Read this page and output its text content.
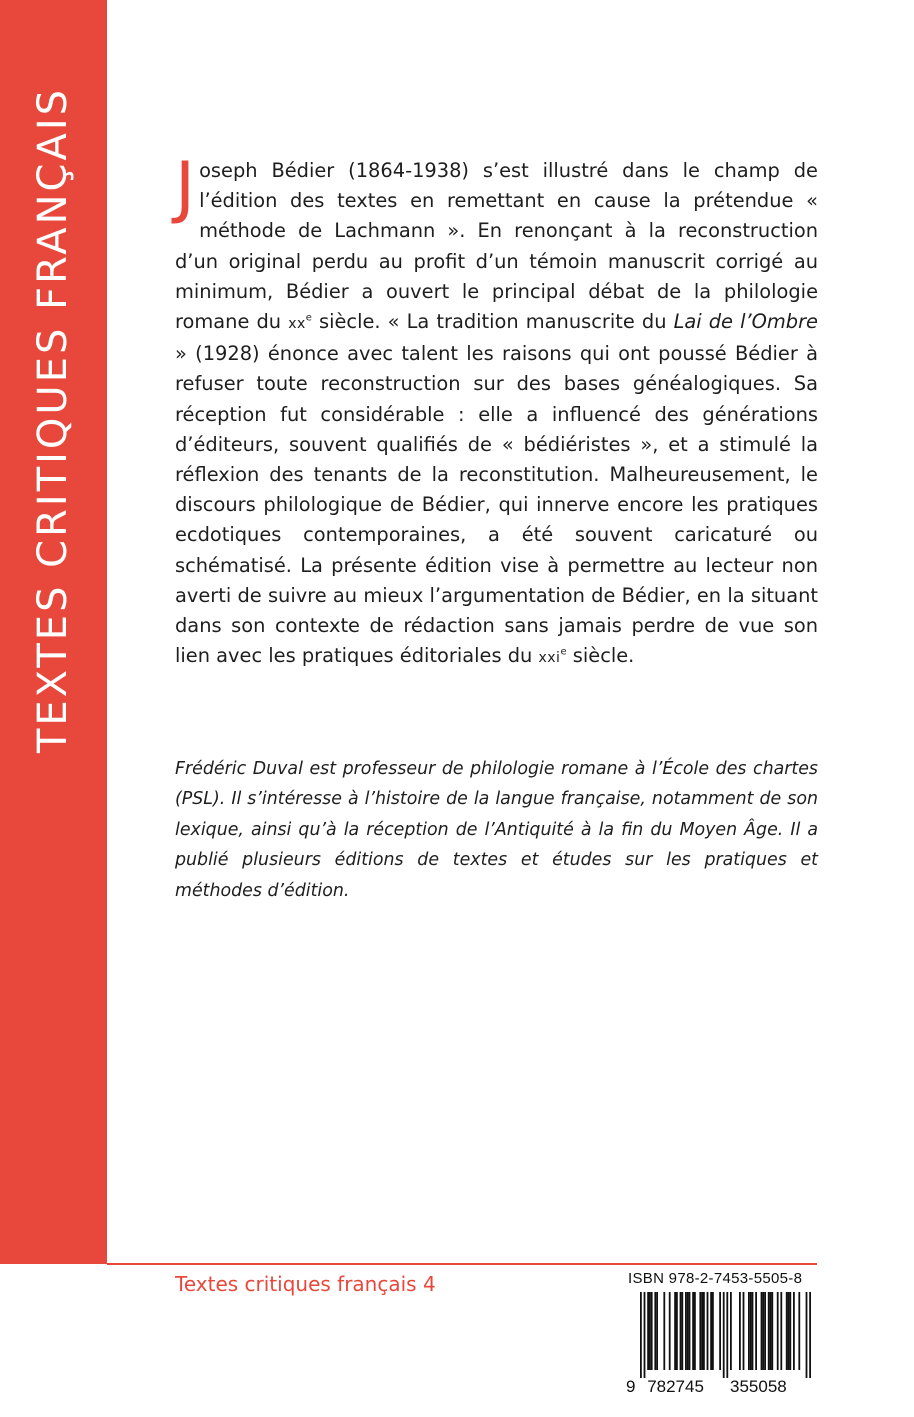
TEXTES CRITIQUES FRANÇAIS Joseph Bédier (1864-1938) s’est illustré dans le champ de l’édition des textes en remettant en cause la prétendue « méthode de Lachmann ». En renonçant à la reconstruction d’un original perdu au profit d’un témoin manuscrit corrigé au minimum, Bédier a ouvert le principal débat de la philologie romane du $xx^e$ siècle. « La tradition manuscrite du Lai de l’Ombre » (1928) énonce avec talent les raisons qui ont poussé Bédier à refuser toute reconstruction sur des bases généalogiques. Sa réception fut considérable : elle a influencé des générations d’éditeurs, souvent qualifiés de « bédiéristes », et a stimulé la réflexion des tenants de la reconstitution. Malheureusement, le discours philologique de Bédier, qui innerve encore les pratiques ecdotiques contemporaines, a été souvent caricaturé ou schématisé. La présente édition vise à permettre au lecteur non averti de suivre au mieux l’argumentation de Bédier, en la situant dans son contexte de rédaction sans jamais perdre de vue son lien avec les pratiques éditoriales du xxi$^e$ siècle.
Frédéric Duval est professeur de philologie romane à l’École des chartes (PSL). Il s’intéresse à l’histoire de la langue française, notamment de son lexique, ainsi qu’à la réception de l’Antiquité à la fin du Moyen Âge. Il a publié plusieurs éditions de textes et études sur les pratiques et méthodes d’édition.
Textes critiques français 4	ISBN 978-2-7453-5505-8
9 782745 355058
